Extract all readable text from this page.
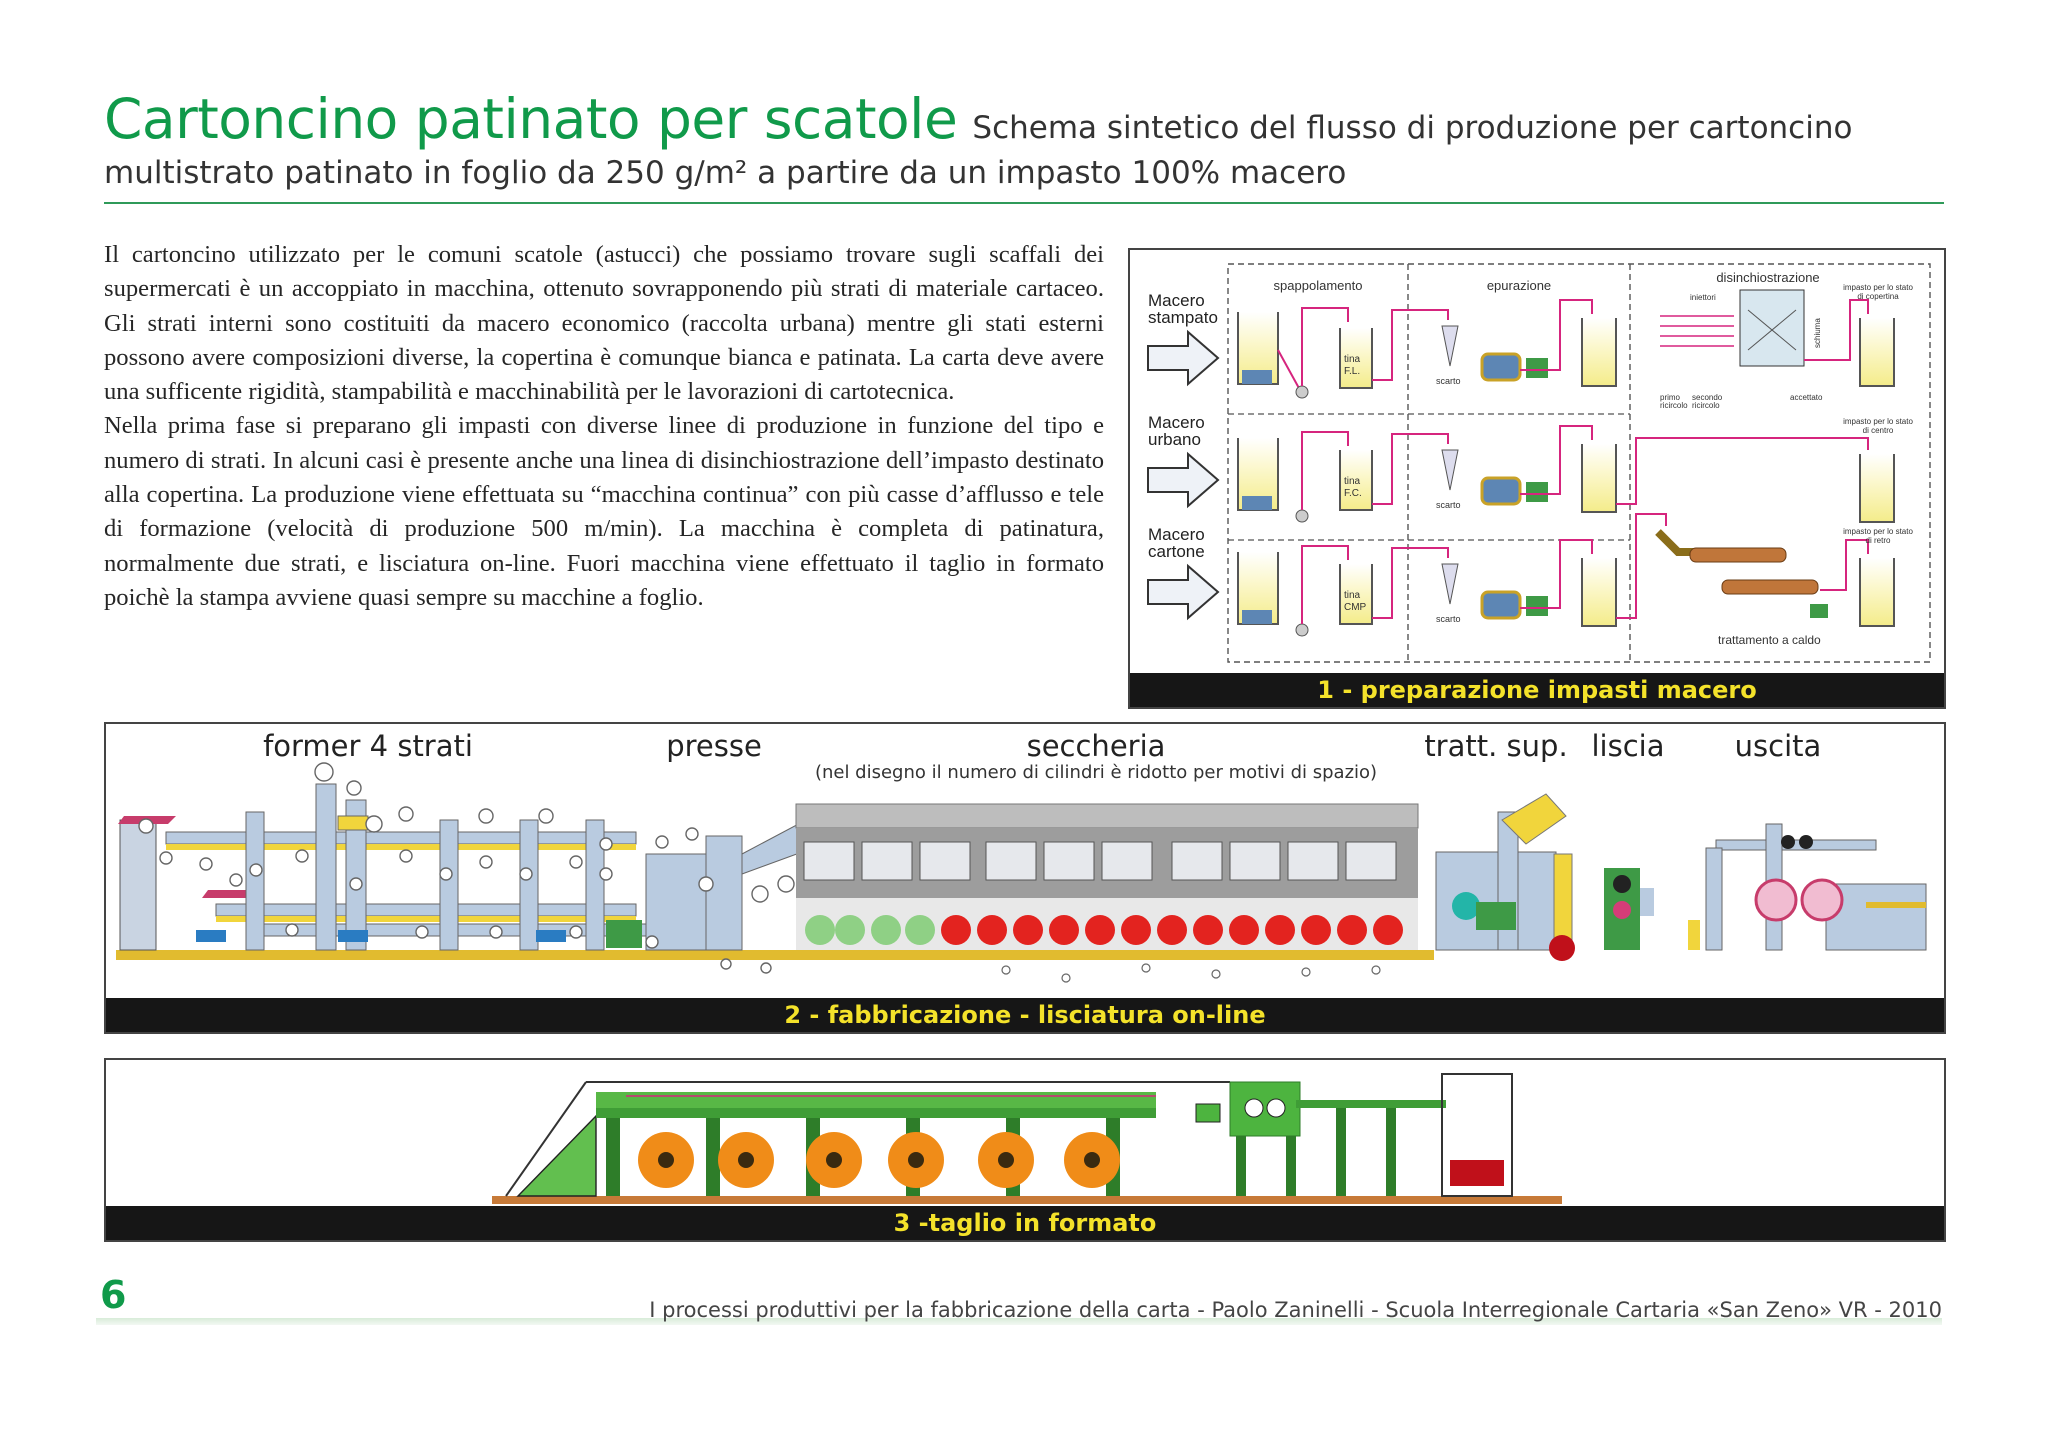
Cartoncino patinato per scatole Schema sintetico del flusso di produzione per cartoncino
multistrato patinato in foglio da 250 g/m² a partire da un impasto 100% macero

Il cartoncino utilizzato per le comuni scatole (astucci) che possiamo trovare sugli scaffali dei supermercati è un accoppiato in macchina, ottenuto sovrapponendo più strati di materiale cartaceo. Gli strati interni sono costituiti da macero economico (raccolta urbana) mentre gli stati esterni possono avere composizioni diverse, la copertina è comunque bianca e patinata. La carta deve avere una sufficente rigidità, stampabilità e macchinabilità per le lavorazioni di cartotecnica.

Nella prima fase si preparano gli impasti con diverse linee di produzione in funzione del tipo e numero di strati. In alcuni casi è presente anche una linea di disinchiostrazione dell’impasto destinato alla copertina. La produzione viene effettuata su “macchina continua” con più casse d’afflusso e tele di formazione (velocità di produzione 500 m/min). La macchina è completa di patinatura, normalmente due strati, e lisciatura on-line. Fuori macchina viene effettuato il taglio in formato poichè la stampa avviene quasi sempre su macchine a foglio.

spappolamento	epurazione
disinchiostrazione
Macero
stampato
tina
F.L.
scarto
iniettori
schiuma
impasto per lo stato
di copertina
primo
ricircolo
secondo
ricircolo
accettato
Macero
urbano
tina
F.C.
scarto
impasto per lo stato
di centro
Macero
cartone
tina
CMP
scarto
impasto per lo stato
di retro
trattamento a caldo
1 - preparazione impasti macero
former 4 strati	presse	seccheria
(nel disegno il numero di cilindri è ridotto per motivi di spazio)
tratt. sup. liscia uscita
2 - fabbricazione - lisciatura on-line
3 -taglio in formato
6	I processi produttivi per la fabbricazione della carta - Paolo Zaninelli - Scuola Interregionale Cartaria «San Zeno» VR - 2010
